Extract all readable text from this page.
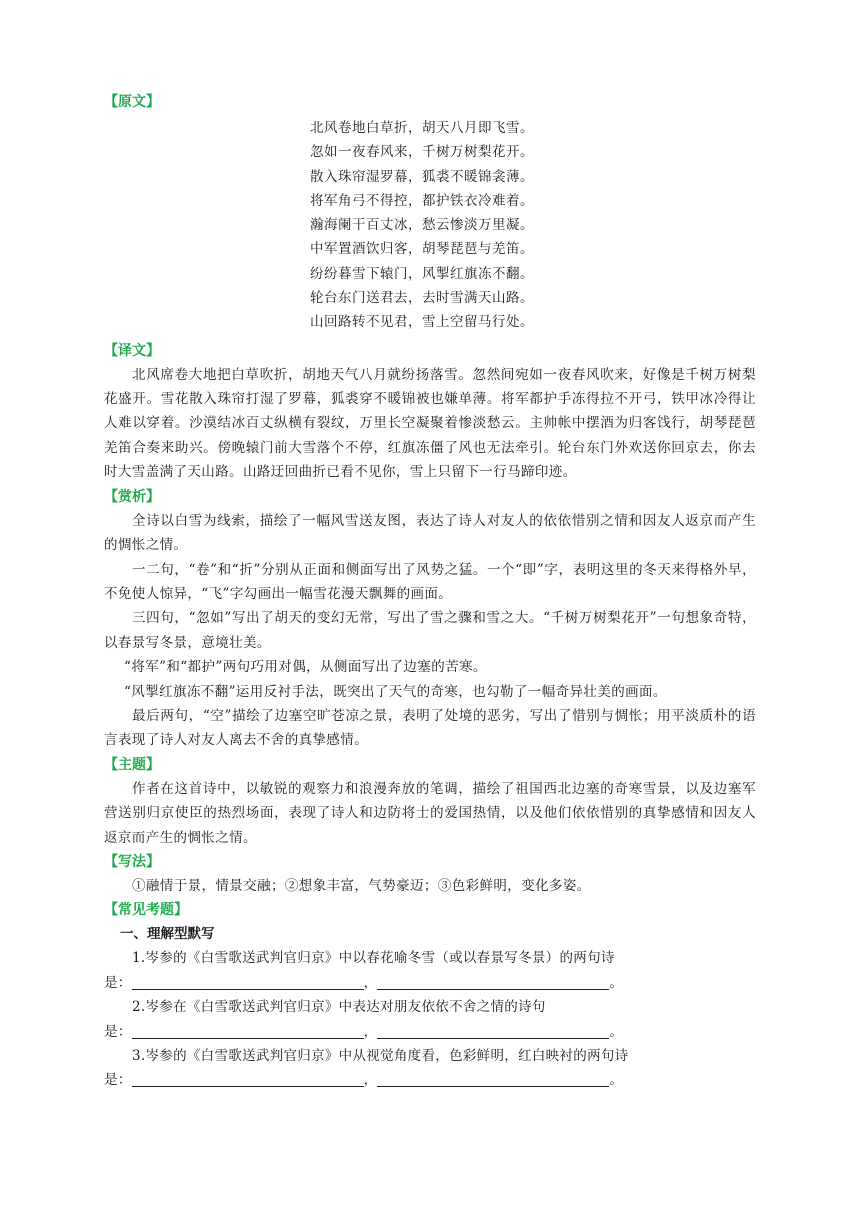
【原文】
北风卷地白草折，胡天八月即飞雪。
忽如一夜春风来，千树万树梨花开。
散入珠帘湿罗幕，狐裘不暖锦衾薄。
将军角弓不得控，都护铁衣冷难着。
瀚海阑干百丈冰，愁云惨淡万里凝。
中军置酒饮归客，胡琴琵琶与羌笛。
纷纷暮雪下辕门，风掣红旗冻不翻。
轮台东门送君去，去时雪满天山路。
山回路转不见君，雪上空留马行处。
【译文】

北风席卷大地把白草吹折，胡地天气八月就纷扬落雪。忽然间宛如一夜春风吹来，好像是千树万树梨花盛开。雪花散入珠帘打湿了罗幕，狐裘穿不暖锦被也嫌单薄。将军都护手冻得拉不开弓，铁甲冰冷得让人难以穿着。沙漠结冰百丈纵横有裂纹，万里长空凝聚着惨淡愁云。主帅帐中摆酒为归客饯行，胡琴琵琶羌笛合奏来助兴。傍晚辕门前大雪落个不停，红旗冻僵了风也无法牵引。轮台东门外欢送你回京去，你去时大雪盖满了天山路。山路迂回曲折已看不见你，雪上只留下一行马蹄印迹。

【赏析】

全诗以白雪为线索，描绘了一幅风雪送友图，表达了诗人对友人的依依惜别之情和因友人返京而产生的惆怅之情。

一二句，“卷”和“折”分别从正面和侧面写出了风势之猛。一个“即”字，表明这里的冬天来得格外早，不免使人惊异，“飞”字勾画出一幅雪花漫天飘舞的画面。

三四句，“忽如”写出了胡天的变幻无常，写出了雪之骤和雪之大。“千树万树梨花开”一句想象奇特，以春景写冬景，意境壮美。

“将军”和“都护”两句巧用对偶，从侧面写出了边塞的苦寒。

“风掣红旗冻不翻”运用反衬手法，既突出了天气的奇寒，也勾勒了一幅奇异壮美的画面。

最后两句，“空”描绘了边塞空旷苍凉之景，表明了处境的恶劣，写出了惜别与惆怅；用平淡质朴的语言表现了诗人对友人离去不舍的真挚感情。

【主题】

作者在这首诗中，以敏锐的观察力和浪漫奔放的笔调，描绘了祖国西北边塞的奇寒雪景，以及边塞军营送别归京使臣的热烈场面，表现了诗人和边防将士的爱国热情，以及他们依依惜别的真挚感情和因友人返京而产生的惆怅之情。

【写法】

①融情于景，情景交融；②想象丰富，气势豪迈；③色彩鲜明，变化多姿。

【常见考题】
一、理解型默写
1.岑参的《白雪歌送武判官归京》中以春花喻冬雪（或以春景写冬景）的两句诗
是：	，	。
2.岑参在《白雪歌送武判官归京》中表达对朋友依依不舍之情的诗句
是：	，	。
3.岑参的《白雪歌送武判官归京》中从视觉角度看，色彩鲜明，红白映衬的两句诗
是：	，	。
